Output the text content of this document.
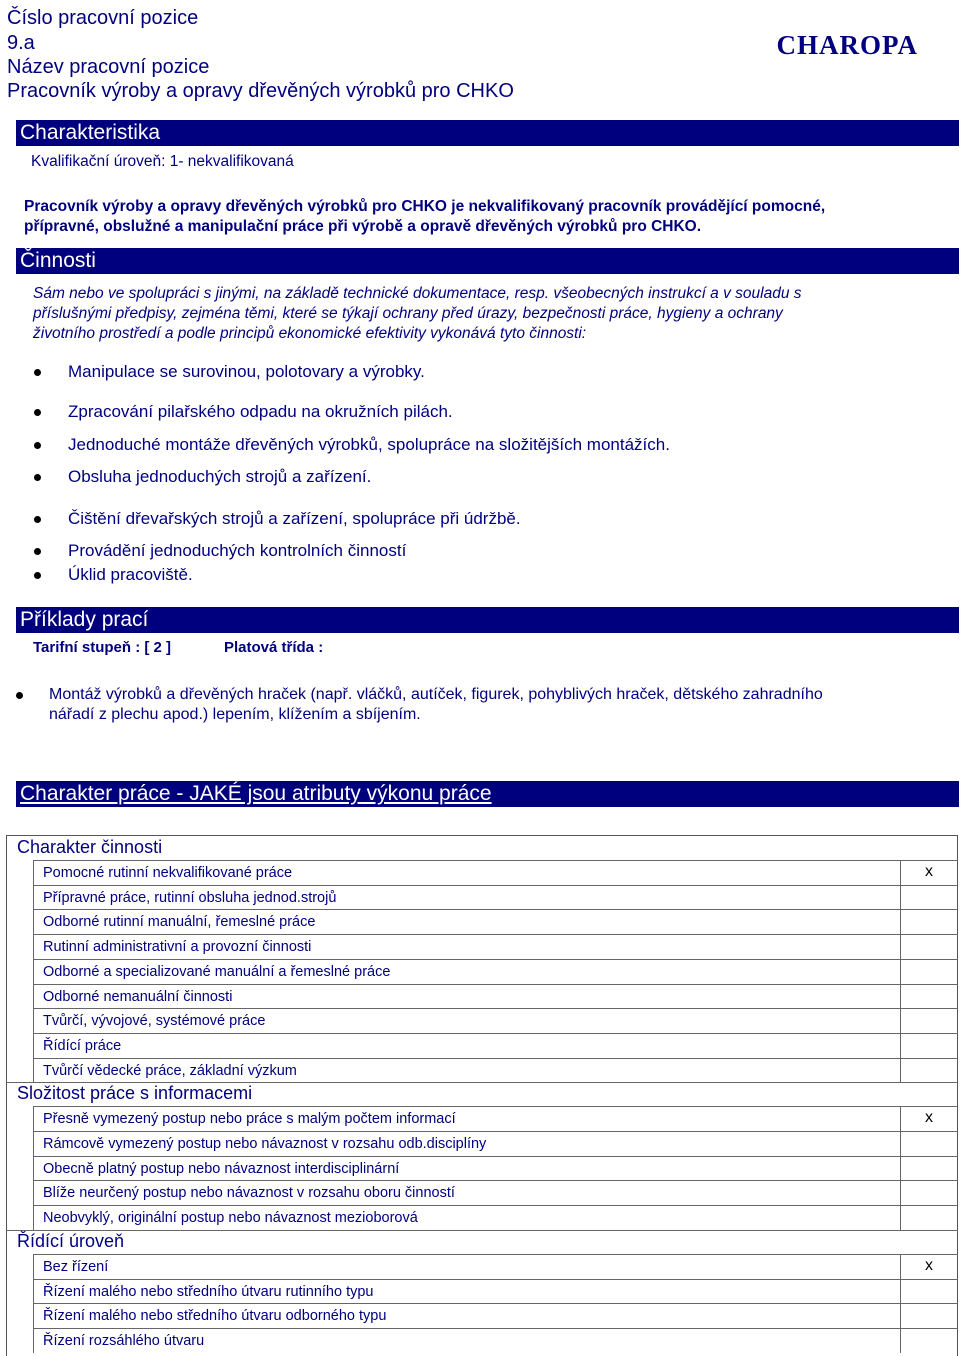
Číslo pracovní pozice
9.a
Název pracovní pozice
Pracovník výroby a opravy dřevěných výrobků pro CHKO
CHAROPA
Charakteristika
Kvalifikační úroveň: 1- nekvalifikovaná
Pracovník výroby a opravy dřevěných výrobků pro CHKO je nekvalifikovaný pracovník provádějící pomocné,
přípravné, obslužné a manipulační práce při výrobě a opravě dřevěných výrobků pro CHKO.
Činnosti
Sám nebo ve spolupráci s jinými, na základě technické dokumentace, resp. všeobecných instrukcí a v souladu s
příslušnými předpisy, zejména těmi, které se týkají ochrany před úrazy, bezpečnosti práce, hygieny a ochrany
životního prostředí a podle principů ekonomické efektivity vykonává tyto činnosti:
Manipulace se surovinou, polotovary a výrobky.
Zpracování pilařského odpadu na okružních pilách.
Jednoduché montáže dřevěných výrobků, spolupráce na složitějších montážích.
Obsluha jednoduchých strojů a zařízení.
Čištění dřevařských strojů a zařízení, spolupráce při údržbě.
Provádění jednoduchých kontrolních činností
Úklid pracoviště.
Příklady prací
Tarifní stupeň : [ 2 ]	Platová třída :
Montáž výrobků a dřevěných hraček (např. vláčků, autíček, figurek, pohyblivých hraček, dětského zahradního
nářadí z plechu apod.) lepením, klížením a sbíjením.
Charakter práce - JAKÉ jsou atributy výkonu práce
Charakter činnosti
Pomocné rutinní nekvalifikované práce	x
Přípravné práce, rutinní obsluha jednod.strojů
Odborné rutinní manuální, řemeslné práce
Rutinní administrativní a provozní činnosti
Odborné a specializované manuální a řemeslné práce
Odborné nemanuální činnosti
Tvůrčí, vývojové, systémové práce
Řídící práce
Tvůrčí vědecké práce, základní výzkum
Složitost práce s informacemi
Přesně vymezený postup nebo práce s malým počtem informací	x
Rámcově vymezený postup nebo návaznost v rozsahu odb.disciplíny
Obecně platný postup nebo návaznost interdisciplinární
Blíže neurčený postup nebo návaznost v rozsahu oboru činností
Neobvyklý, originální postup nebo návaznost mezioborová
Řídící úroveň
Bez řízení	x
Řízení malého nebo středního útvaru rutinního typu
Řízení malého nebo středního útvaru odborného typu
Řízení rozsáhlého útvaru
